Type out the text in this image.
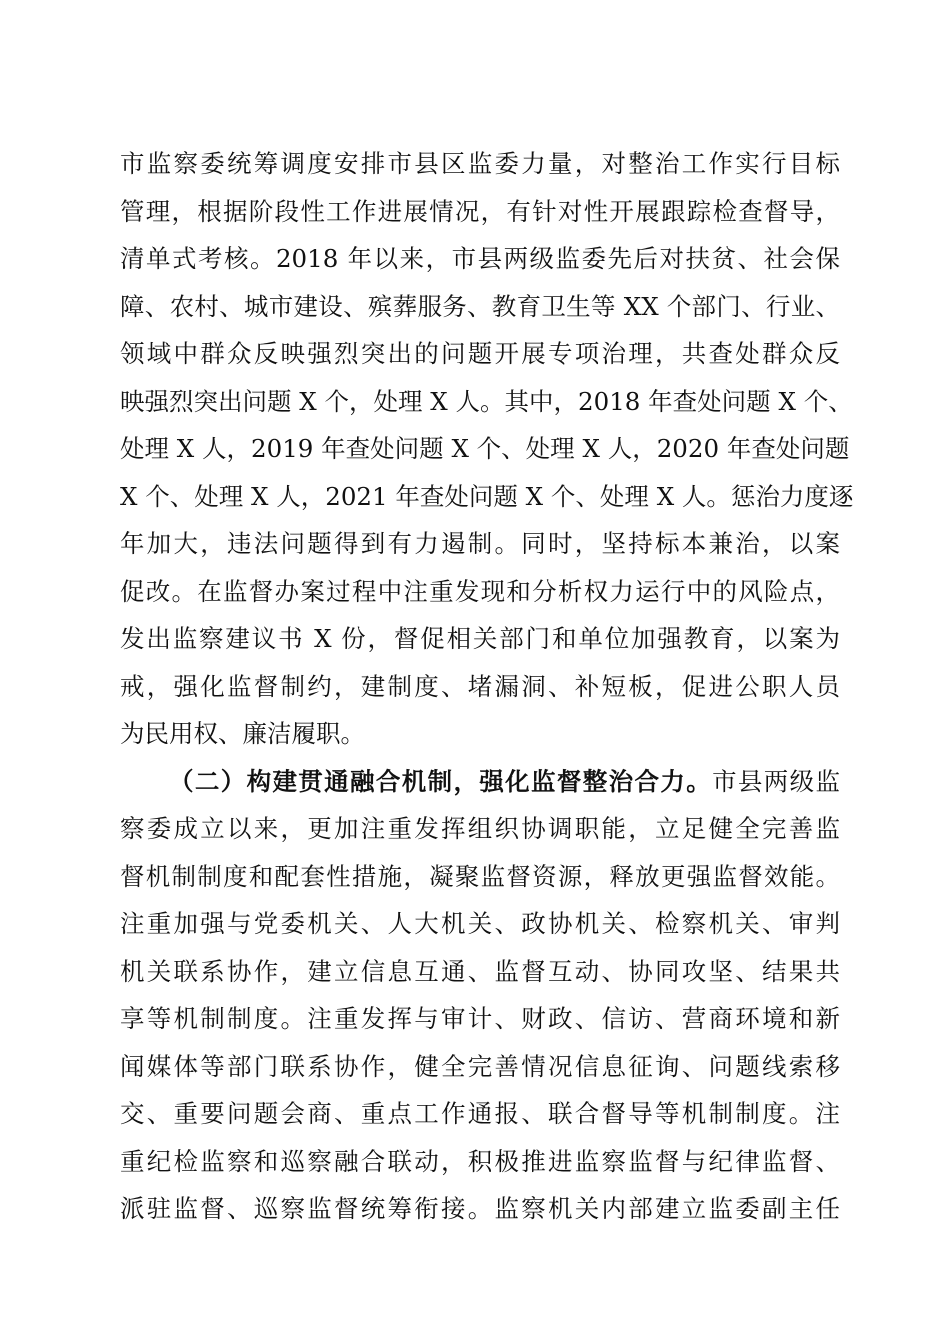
市监察委统筹调度安排市县区监委力量，对整治工作实行目标
管理，根据阶段性工作进展情况，有针对性开展跟踪检查督导，
清单式考核。2018 年以来，市县两级监委先后对扶贫、社会保
障、农村、城市建设、殡葬服务、教育卫生等 XX 个部门、行业、
领域中群众反映强烈突出的问题开展专项治理，共查处群众反
映强烈突出问题 X 个，处理 X 人。其中，2018 年查处问题 X 个、
处理 X 人，2019 年查处问题 X 个、处理 X 人，2020 年查处问题
X 个、处理 X 人，2021 年查处问题 X 个、处理 X 人。惩治力度逐
年加大，违法问题得到有力遏制。同时，坚持标本兼治，以案
促改。在监督办案过程中注重发现和分析权力运行中的风险点，
发出监察建议书 X 份，督促相关部门和单位加强教育，以案为
戒，强化监督制约，建制度、堵漏洞、补短板，促进公职人员
为民用权、廉洁履职。
（二）构建贯通融合机制，强化监督整治合力。市县两级监
察委成立以来，更加注重发挥组织协调职能，立足健全完善监
督机制制度和配套性措施，凝聚监督资源，释放更强监督效能。
注重加强与党委机关、人大机关、政协机关、检察机关、审判
机关联系协作，建立信息互通、监督互动、协同攻坚、结果共
享等机制制度。注重发挥与审计、财政、信访、营商环境和新
闻媒体等部门联系协作，健全完善情况信息征询、问题线索移
交、重要问题会商、重点工作通报、联合督导等机制制度。注
重纪检监察和巡察融合联动，积极推进监察监督与纪律监督、
派驻监督、巡察监督统筹衔接。监察机关内部建立监委副主任
